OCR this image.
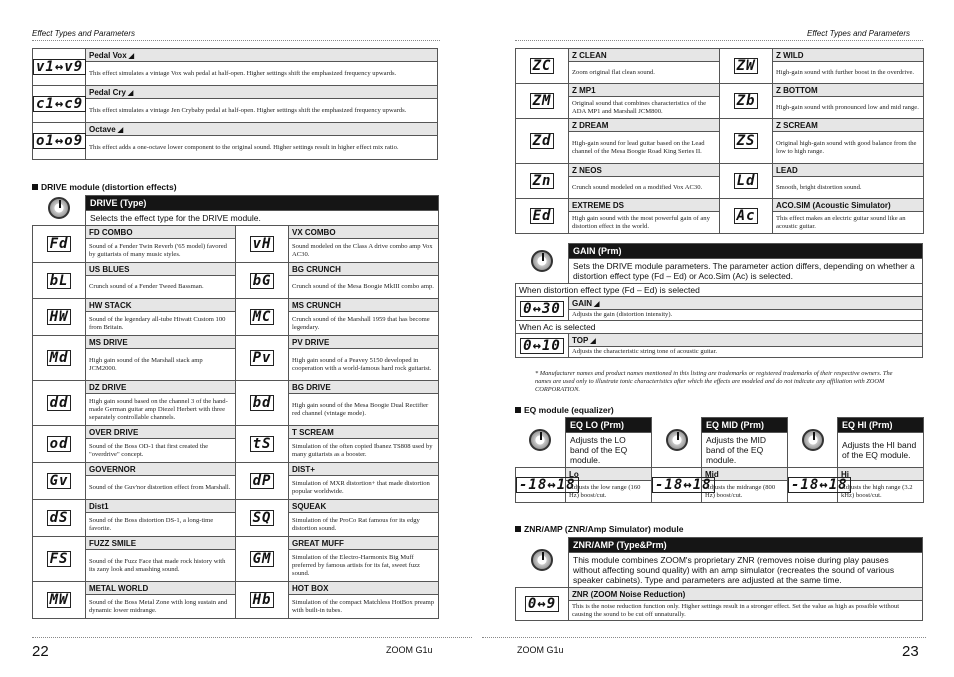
Effect Types and Parameters
v1↔v9	Pedal Vox ◢
	This effect simulates a vintage Vox wah pedal at half-open. Higher settings shift the emphasized frequency upwards.
c1↔c9	Pedal Cry ◢
	This effect simulates a vintage Jen Crybaby pedal at half-open. Higher settings shift the emphasized frequency upwards.
o1↔o9	Octave ◢
	This effect adds a one-octave lower component to the original sound. Higher settings result in higher effect mix ratio.
DRIVE module (distortion effects)
	DRIVE (Type)		
	Selects the effect type for the DRIVE module.		
Fd	FD COMBO	vH	VX COMBO
	Sound of a Fender Twin Reverb ('65 model) favored by guitarists of many music styles.		Sound modeled on the Class A drive combo amp Vox AC30.
bL	US BLUES	bG	BG CRUNCH
	Crunch sound of a Fender Tweed Bassman.		Crunch sound of the Mesa Boogie MkIII combo amp.
HW	HW STACK	MC	MS CRUNCH
	Sound of the legendary all-tube Hiwatt Custom 100 from Britain.		Crunch sound of the Marshall 1959 that has become legendary.
Md	MS DRIVE	Pv	PV DRIVE
	High gain sound of the Marshall stack amp JCM2000.		High gain sound of a Peavey 5150 developed in cooperation with a world-famous hard rock guitarist.
dd	DZ DRIVE	bd	BG DRIVE
	High gain sound based on the channel 3 of the hand-made German guitar amp Diezel Herbert with three separately controllable channels.		High gain sound of the Mesa Boogie Dual Rectifier red channel (vintage mode).
od	OVER DRIVE	tS	T SCREAM
	Sound of the Boss OD-1 that first created the "overdrive" concept.		Simulation of the often copied Ibanez TS808 used by many guitarists as a booster.
Gv	GOVERNOR	dP	DIST+
	Sound of the Guv'nor distortion effect from Marshall.		Simulation of MXR distortion+ that made distortion popular worldwide.
dS	Dist1	SQ	SQUEAK
	Sound of the Boss distortion DS-1, a long-time favorite.		Simulation of the ProCo Rat famous for its edgy distortion sound.
FS	FUZZ SMILE	GM	GREAT MUFF
	Sound of the Fuzz Face that made rock history with its zany look and smashing sound.		Simulation of the Electro-Harmonix Big Muff preferred by famous artists for its fat, sweet fuzz sound.
MW	METAL WORLD	Hb	HOT BOX
	Sound of the Boss Metal Zone with long sustain and dynamic lower midrange.		Simulation of the compact Matchless HotBox preamp with built-in tubes.
22	ZOOM G1u
Effect Types and Parameters
ZC	Z CLEAN	ZW	Z WILD
	Zoom original flat clean sound.		High-gain sound with further boost in the overdrive.
ZM	Z MP1	Zb	Z BOTTOM
	Original sound that combines characteristics of the ADA MP1 and Marshall JCM800.		High-gain sound with pronounced low and mid range.
Zd	Z DREAM	ZS	Z SCREAM
	High-gain sound for lead guitar based on the Lead channel of the Mesa Boogie Road King Series II.		Original high-gain sound with good balance from the low to high range.
Zn	Z NEOS	Ld	LEAD
	Crunch sound modeled on a modified Vox AC30.		Smooth, bright distortion sound.
Ed	EXTREME DS	Ac	ACO.SIM (Acoustic Simulator)
	High gain sound with the most powerful gain of any distortion effect in the world.		This effect makes an electric guitar sound like an acoustic guitar.
	GAIN (Prm)
	Sets the DRIVE module parameters. The parameter action differs, depending on whether a distortion effect type (Fd – Ed) or Aco.Sim (Ac) is selected.
When distortion effect type (Fd – Ed) is selected	
0↔30	GAIN ◢
	Adjusts the gain (distortion intensity).
When Ac is selected	
0↔10	TOP ◢
	Adjusts the characteristic string tone of acoustic guitar.
* Manufacturer names and product names mentioned in this listing are trademarks or registered trademarks of their respective owners. The names are used only to illustrate tonic characteristics after which the effects are modeled and do not indicate any affiliation with ZOOM CORPORATION.
EQ module (equalizer)
	EQ LO (Prm)		EQ MID (Prm)		EQ HI (Prm)
	Adjusts the LO band of the EQ module.		Adjusts the MID band of the EQ module.		Adjusts the HI band of the EQ module.
-18↔18	Lo	-18↔18	Mid	-18↔18	Hi
	Adjusts the low range (160 Hz) boost/cut.		Adjusts the midrange (800 Hz) boost/cut.		Adjusts the high range (3.2 kHz) boost/cut.
ZNR/AMP (ZNR/Amp Simulator) module
	ZNR/AMP (Type&Prm)
	This module combines ZOOM's proprietary ZNR (removes noise during play pauses without affecting sound quality) with an amp simulator (recreates the sound of various speaker cabinets). Type and parameters are adjusted at the same time.
0↔9	ZNR (ZOOM Noise Reduction)
	This is the noise reduction function only. Higher settings result in a stronger effect. Set the value as high as possible without causing the sound to be cut off unnaturally.
ZOOM G1u	23
